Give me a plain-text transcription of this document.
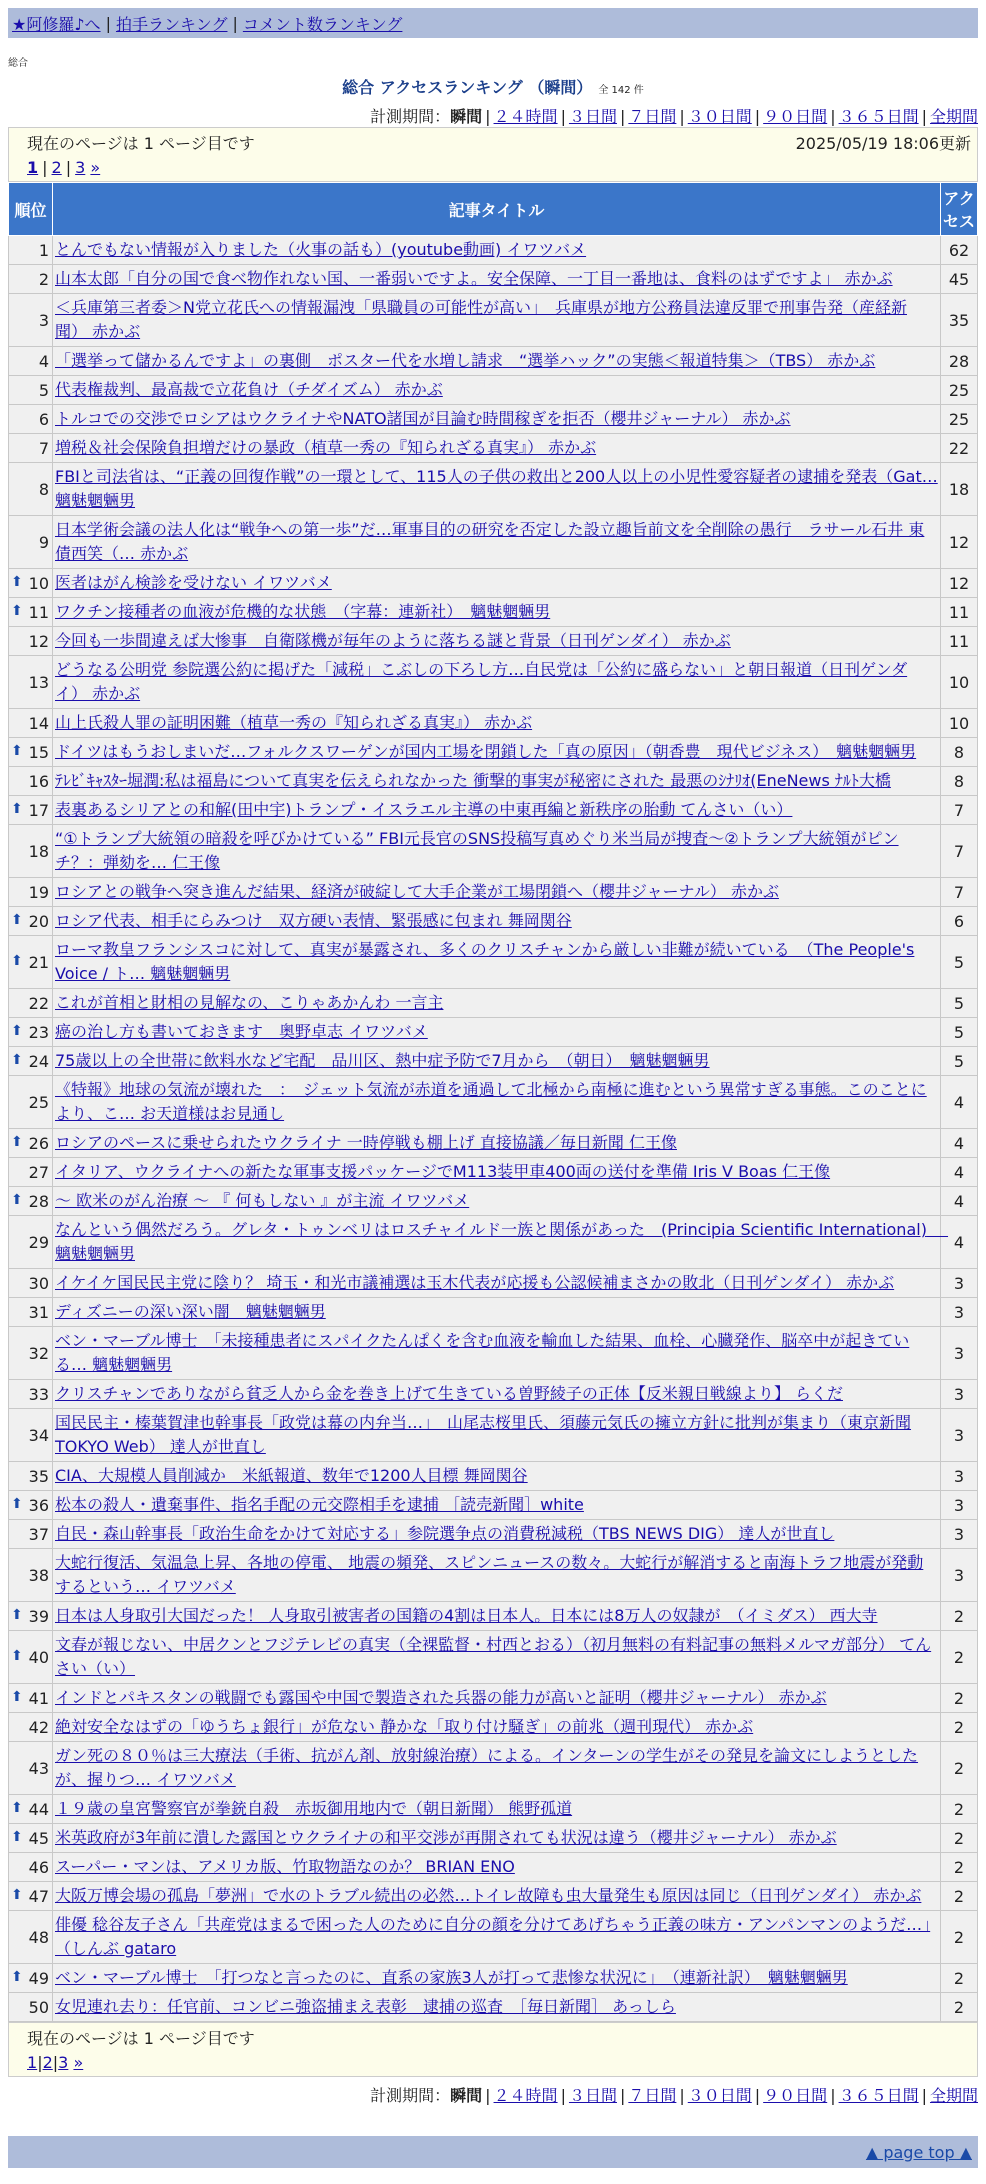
★阿修羅♪へ | 拍手ランキング | コメント数ランキング
総合
総合 アクセスランキング （瞬間） 全 142 件
計測期間：瞬間 | ２４時間 | ３日間 | ７日間 | ３０日間 | ９０日間 | ３６５日間 | 全期間
現在のページは 1 ページ目です	2025/05/19 18:06更新
1 | 2 | 3 »
順位	記事タイトル	アクセス
1	とんでもない情報が入りました（火事の話も）(youtube動画) イワツバメ	62
2	山本太郎「自分の国で食べ物作れない国、一番弱いですよ。安全保障、一丁目一番地は、食料のはずですよ」 赤かぶ	45
3	＜兵庫第三者委＞N党立花氏への情報漏洩「県職員の可能性が高い」　兵庫県が地方公務員法違反罪で刑事告発（産経新聞） 赤かぶ	35
4	「選挙って儲かるんですよ」の裏側　ポスター代を水増し請求　“選挙ハック”の実態＜報道特集＞（TBS） 赤かぶ	28
5	代表権裁判、最高裁で立花負け（チダイズム） 赤かぶ	25
6	トルコでの交渉でロシアはウクライナやNATO諸国が目論む時間稼ぎを拒否（櫻井ジャーナル） 赤かぶ	25
7	増税＆社会保険負担増だけの暴政（植草一秀の『知られざる真実』） 赤かぶ	22
8	FBIと司法省は、“正義の回復作戦”の一環として、115人の子供の救出と200人以上の小児性愛容疑者の逮捕を発表（Gat… 魑魅魍魎男	18
9	日本学術会議の法人化は“戦争への第一歩”だ…軍事目的の研究を否定した設立趣旨前文を全削除の愚行　ラサール石井 東債西笑（… 赤かぶ	12

⬆ 10	医者はがん検診を受けない イワツバメ	12

⬆ 11	ワクチン接種者の血液が危機的な状態　（字幕：連新社）　魑魅魍魎男	11
12	今回も一歩間違えば大惨事　自衛隊機が毎年のように落ちる謎と背景（日刊ゲンダイ） 赤かぶ	11
13	どうなる公明党 参院選公約に掲げた「減税」こぶしの下ろし方…自民党は「公約に盛らない」と朝日報道（日刊ゲンダイ） 赤かぶ	10
14	山上氏殺人罪の証明困難（植草一秀の『知られざる真実』） 赤かぶ	10

⬆ 15	ドイツはもうおしまいだ…フォルクスワーゲンが国内工場を閉鎖した「真の原因」（朝香豊　現代ビジネス）　魑魅魍魎男	8
16	ﾃﾚﾋﾞｷｬｽﾀｰ堀潤:私は福島について真実を伝えられなかった 衝撃的事実が秘密にされた 最悪のｼﾅﾘｵ(EneNews ﾅﾙﾄ大橋	8

⬆ 17	表裏あるシリアとの和解(田中宇)トランプ・イスラエル主導の中東再編と新秩序の胎動 てんさい（い）	7
18	“①トランプ大統領の暗殺を呼びかけている” FBI元長官のSNS投稿写真めぐり米当局が捜査～②トランプ大統領がピンチ？：弾劾を… 仁王像	7
19	ロシアとの戦争へ突き進んだ結果、経済が破綻して大手企業が工場閉鎖へ（櫻井ジャーナル） 赤かぶ	7

⬆ 20	ロシア代表、相手にらみつけ　双方硬い表情、緊張感に包まれ 舞岡関谷	6

⬆ 21	ローマ教皇フランシスコに対して、真実が暴露され、多くのクリスチャンから厳しい非難が続いている　（The People's Voice / ト… 魑魅魍魎男	5
22	これが首相と財相の見解なの、こりゃあかんわ 一言主	5

⬆ 23	癌の治し方も書いておきます　奥野卓志 イワツバメ	5

⬆ 24	75歳以上の全世帯に飲料水など宅配　品川区、熱中症予防で7月から　（朝日）　魑魅魍魎男	5
25	《特報》地球の気流が壊れた　：　ジェット気流が赤道を通過して北極から南極に進むという異常すぎる事態。このことにより、こ… お天道様はお見通し	4

⬆ 26	ロシアのペースに乗せられたウクライナ 一時停戦も棚上げ 直接協議／毎日新聞 仁王像	4
27	イタリア、ウクライナへの新たな軍事支援パッケージでM113装甲車400両の送付を準備 Iris V Boas 仁王像	4

⬆ 28	～ 欧米のがん治療 ～ 『 何もしない 』が主流 イワツバメ	4
29	なんという偶然だろう。グレタ・トゥンベリはロスチャイルド一族と関係があった　(Principia Scientific International)　 魑魅魍魎男	4
30	イケイケ国民民主党に陰り？ 埼玉・和光市議補選は玉木代表が応援も公認候補まさかの敗北（日刊ゲンダイ） 赤かぶ	3
31	ディズニーの深い深い闇　魑魅魍魎男	3
32	ベン・マーブル博士　「未接種患者にスパイクたんぱくを含む血液を輸血した結果、血栓、心臓発作、脳卒中が起きている… 魑魅魍魎男	3
33	クリスチャンでありながら貧乏人から金を巻き上げて生きている曽野綾子の正体【反米親日戦線より】 らくだ	3
34	国民民主・榛葉賀津也幹事長「政党は幕の内弁当…」　山尾志桜里氏、須藤元気氏の擁立方針に批判が集まり（東京新聞TOKYO Web） 達人が世直し	3
35	CIA、大規模人員削減か　米紙報道、数年で1200人目標 舞岡関谷	3

⬆ 36	松本の殺人・遺棄事件、指名手配の元交際相手を逮捕 ［読売新聞］white	3
37	自民・森山幹事長「政治生命をかけて対応する」参院選争点の消費税減税（TBS NEWS DIG） 達人が世直し	3
38	大蛇行復活、気温急上昇、各地の停電、 地震の頻発、スピンニュースの数々。大蛇行が解消すると南海トラフ地震が発動するという… イワツバメ	3

⬆ 39	日本は人身取引大国だった！ 人身取引被害者の国籍の4割は日本人。日本には8万人の奴隷が　（イミダス） 西大寺	2

⬆ 40	文春が報じない、中居クンとフジテレビの真実（全裸監督・村西とおる）（初月無料の有料記事の無料メルマガ部分） てんさい（い）	2

⬆ 41	インドとパキスタンの戦闘でも露国や中国で製造された兵器の能力が高いと証明（櫻井ジャーナル） 赤かぶ	2
42	絶対安全なはずの「ゆうちょ銀行」が危ない 静かな「取り付け騒ぎ」の前兆（週刊現代） 赤かぶ	2
43	ガン死の８０％は三大療法（手術、抗がん剤、放射線治療）による。インターンの学生がその発見を論文にしようとしたが、握りつ… イワツバメ	2

⬆ 44	１９歳の皇宮警察官が拳銃自殺　赤坂御用地内で（朝日新聞） 熊野孤道	2

⬆ 45	米英政府が3年前に潰した露国とウクライナの和平交渉が再開されても状況は違う（櫻井ジャーナル） 赤かぶ	2
46	スーパー・マンは、アメリカ版、竹取物語なのか？ BRIAN ENO	2

⬆ 47	大阪万博会場の孤島「夢洲」で水のトラブル続出の必然…トイレ故障も虫大量発生も原因は同じ（日刊ゲンダイ） 赤かぶ	2
48	俳優 稔谷友子さん「共産党はまるで困った人のために自分の顔を分けてあげちゃう正義の味方・アンパンマンのようだ…」（しんぶ gataro	2

⬆ 49	ベン・マーブル博士　「打つなと言ったのに、直系の家族3人が打って悲惨な状況に」　（連新社訳）　魑魅魍魎男	2
50	女児連れ去り：任官前、コンビニ強盗捕まえ表彰　逮捕の巡査　［毎日新聞］ あっしら	2
現在のページは 1 ページ目です
1|2|3 »
計測期間：瞬間 | ２４時間 | ３日間 | ７日間 | ３０日間 | ９０日間 | ３６５日間 | 全期間
▲ page top ▲
